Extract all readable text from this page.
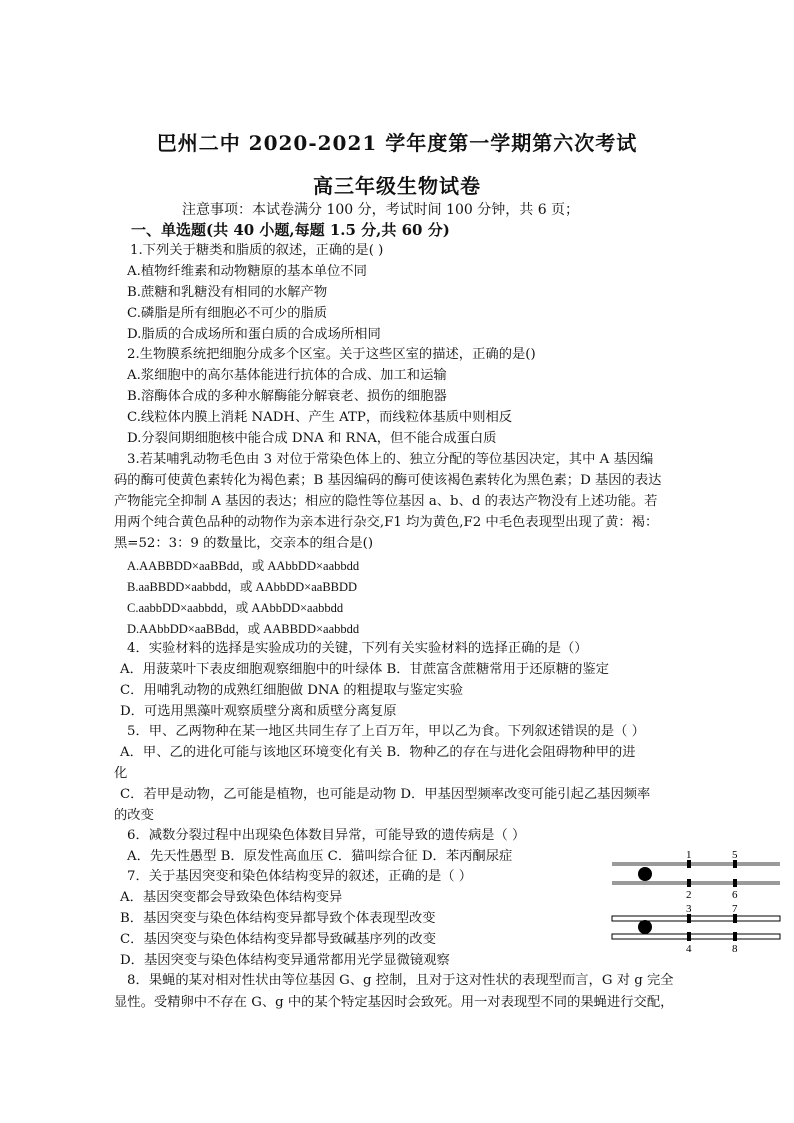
巴州二中 2020-2021 学年度第一学期第六次考试
高三年级生物试卷
注意事项：本试卷满分 100 分，考试时间 100 分钟，共 6 页；
一、单选题(共 40 小题,每题 1.5 分,共 60 分)
1.下列关于糖类和脂质的叙述，正确的是( )
A.植物纤维素和动物糖原的基本单位不同
B.蔗糖和乳糖没有相同的水解产物
C.磷脂是所有细胞必不可少的脂质
D.脂质的合成场所和蛋白质的合成场所相同
2.生物膜系统把细胞分成多个区室。关于这些区室的描述，正确的是()
A.浆细胞中的高尔基体能进行抗体的合成、加工和运输
B.溶酶体合成的多种水解酶能分解衰老、损伤的细胞器
C.线粒体内膜上消耗 NADH、产生 ATP，而线粒体基质中则相反
D.分裂间期细胞核中能合成 DNA 和 RNA，但不能合成蛋白质
3.若某哺乳动物毛色由 3 对位于常染色体上的、独立分配的等位基因决定，其中 A 基因编
码的酶可使黄色素转化为褐色素；B 基因编码的酶可使该褐色素转化为黑色素；D 基因的表达
产物能完全抑制 A 基因的表达；相应的隐性等位基因 a、b、d 的表达产物没有上述功能。若
用两个纯合黄色品种的动物作为亲本进行杂交,F1 均为黄色,F2 中毛色表现型出现了黄：褐：
黑=52：3：9 的数量比，交亲本的组合是()
A.AABBDD×aaBBdd，或 AAbbDD×aabbdd
B.aaBBDD×aabbdd，或 AAbbDD×aaBBDD
C.aabbDD×aabbdd，或 AAbbDD×aabbdd
D.AAbbDD×aaBBdd，或 AABBDD×aabbdd
4．实验材料的选择是实验成功的关键，下列有关实验材料的选择正确的是（）
A．用菠菜叶下表皮细胞观察细胞中的叶绿体 B．甘蔗富含蔗糖常用于还原糖的鉴定
C．用哺乳动物的成熟红细胞做 DNA 的粗提取与鉴定实验
D．可选用黑藻叶观察质壁分离和质壁分离复原
5．甲、乙两物种在某一地区共同生存了上百万年，甲以乙为食。下列叙述错误的是（ ）
A．甲、乙的进化可能与该地区环境变化有关 B．物种乙的存在与进化会阻碍物种甲的进
化
C．若甲是动物，乙可能是植物，也可能是动物 D．甲基因型频率改变可能引起乙基因频率
的改变
6．减数分裂过程中出现染色体数目异常，可能导致的遗传病是（ ）
A．先天性愚型 B．原发性高血压 C．猫叫综合征 D．苯丙酮尿症
7．关于基因突变和染色体结构变异的叙述，正确的是（ ）
A．基因突变都会导致染色体结构变异
B．基因突变与染色体结构变异都导致个体表现型改变
C．基因突变与染色体结构变异都导致碱基序列的改变
D．基因突变与染色体结构变异通常都用光学显微镜观察
8．果蝇的某对相对性状由等位基因 G、g 控制，且对于这对性状的表现型而言，G 对 g 完全
显性。受精卵中不存在 G、g 中的某个特定基因时会致死。用一对表现型不同的果蝇进行交配，
1	5
2	6
3	7
4	8
